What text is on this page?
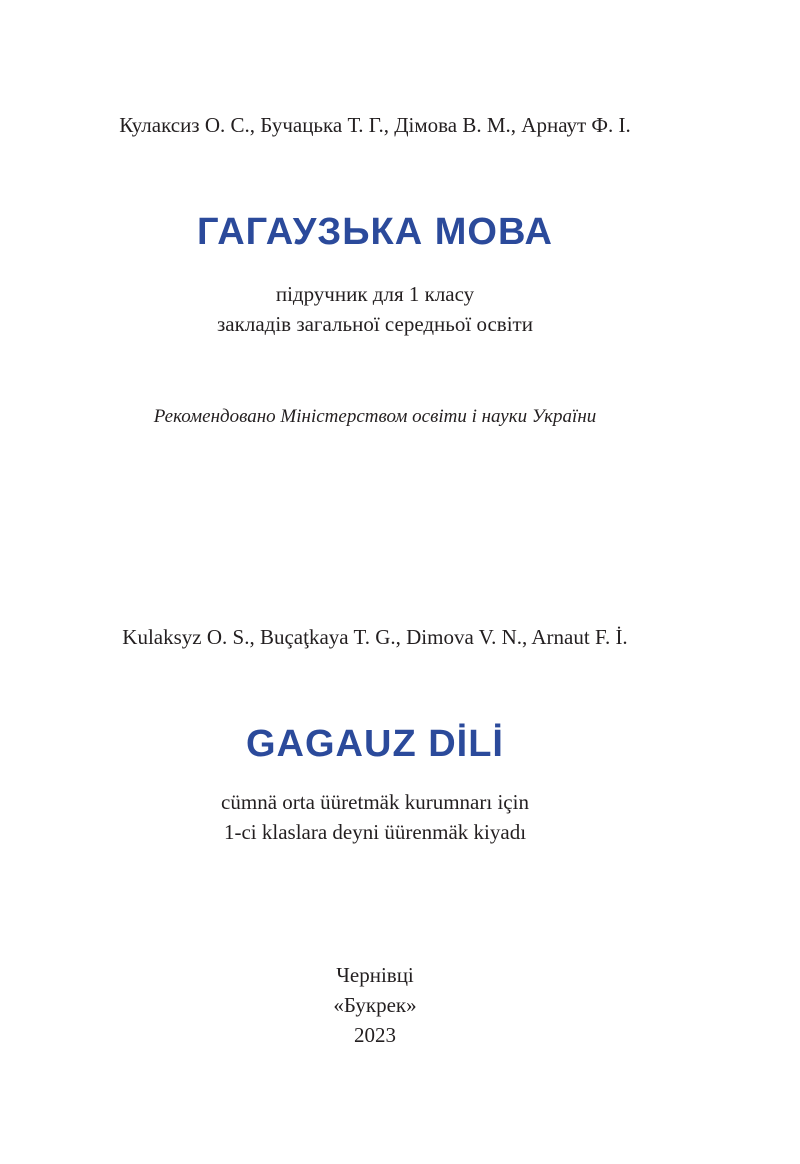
Кулаксиз О. С., Бучацька Т. Г., Дімова В. М., Арнаут Ф. І.
ГАГАУЗЬКА МОВА
підручник для 1 класу
закладів загальної середньої освіти
Рекомендовано Міністерством освіти і науки України
Kulaksyz O. S., Buçaţkaya T. G., Dimova V. N., Arnaut F. İ.
GAGAUZ DİLİ
cümnä orta üüretmäk kurumnarı için
1-ci klaslara deyni üürenmäk kiyadı
Чернівці
«Букрек»
2023
